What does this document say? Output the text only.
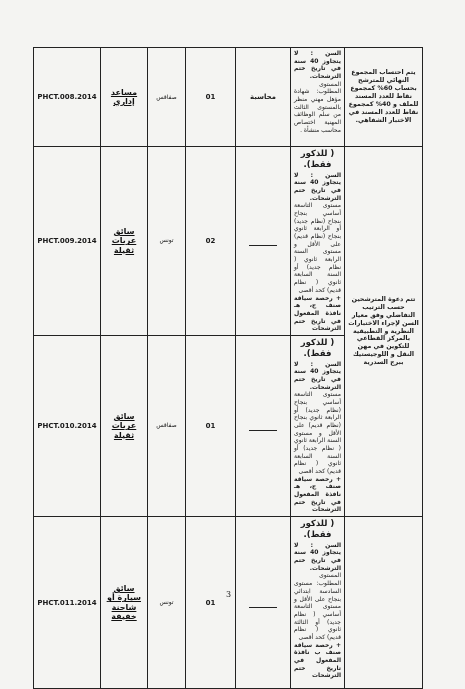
PHCT.008.2014	مساعد إداري	صفاقس	01	محاسبة	السن : لا يتجاوز 40 سنة في تاريخ ختم الترشحات.
المستوى المطلوب: شهادة مؤهل مهني منظر بالمستوى الثالث من سلم الوظائف المهنية اختصاص محاسب منشأة .	يتم احتساب المجموع النهائي للمترشح بحساب 60% كمجموع نقاط للعدد المسند للملف و 40% كمجموع نقاط للعدد المسند في الاختبار الشفاهي.
PHCT.009.2014	سائق عربات ثقيلة	تونس	02		( للذكور فقط).
السن : لا يتجاوز 40 سنة في تاريخ ختم الترشحات.
مستوى التاسعة أساسي بنجاح بنجاح (نظام جديد) أو الرابعة ثانوي بنجاح (نظام قديم) على الأقل و مستوى السنة الرابعة ثانوي ( نظام جديد) أو السنة السابعة ثانوي ( نظام قديم) كحد أقصى
+ رخصة سياقة صنف ج، هـ نافذة المفعول في تاريخ ختم الترشحات	تتم دعوة المترشحين حسب الترتيب التفاضلي وفق معيار السن لإجراء الاختبارات النظرية و التطبيقية بالمركز القطاعي للتكوين في مهن النقل و اللوجيستيك ببرج السدرية
PHCT.010.2014	سائق عربات ثقيلة	صفاقس	01		( للذكور فقط).
السن : لا يتجاوز 40 سنة في تاريخ ختم الترشحات.
مستوى التاسعة أساسي بنجاح (نظام جديد) أو الرابعة ثانوي بنجاح (نظام قديم) على الأقل و مستوى السنة الرابعة ثانوي ( نظام جديد) أو السنة السابعة ثانوي ( نظام قديم) كحد أقصى
+ رخصة سياقة صنف ج، هـ نافذة المفعول في تاريخ ختم الترشحات	

PHCT.011.2014	سائق سيارة أو شاحنة خفيفة	تونس	01		( للذكور فقط).
السن : لا يتجاوز 40 سنة في تاريخ ختم الترشحات.
المستوى المطلوب: مستوى السادسة ابتدائي بنجاح على الأقل و مستوى التاسعة أساسي ( نظام جديد) أو الثالثة ثانوي ( نظام قديم) كحد أقصى
+ رخصة سياقة صنف ب نافذة المفعول في تاريخ ختم الترشحات	

3
